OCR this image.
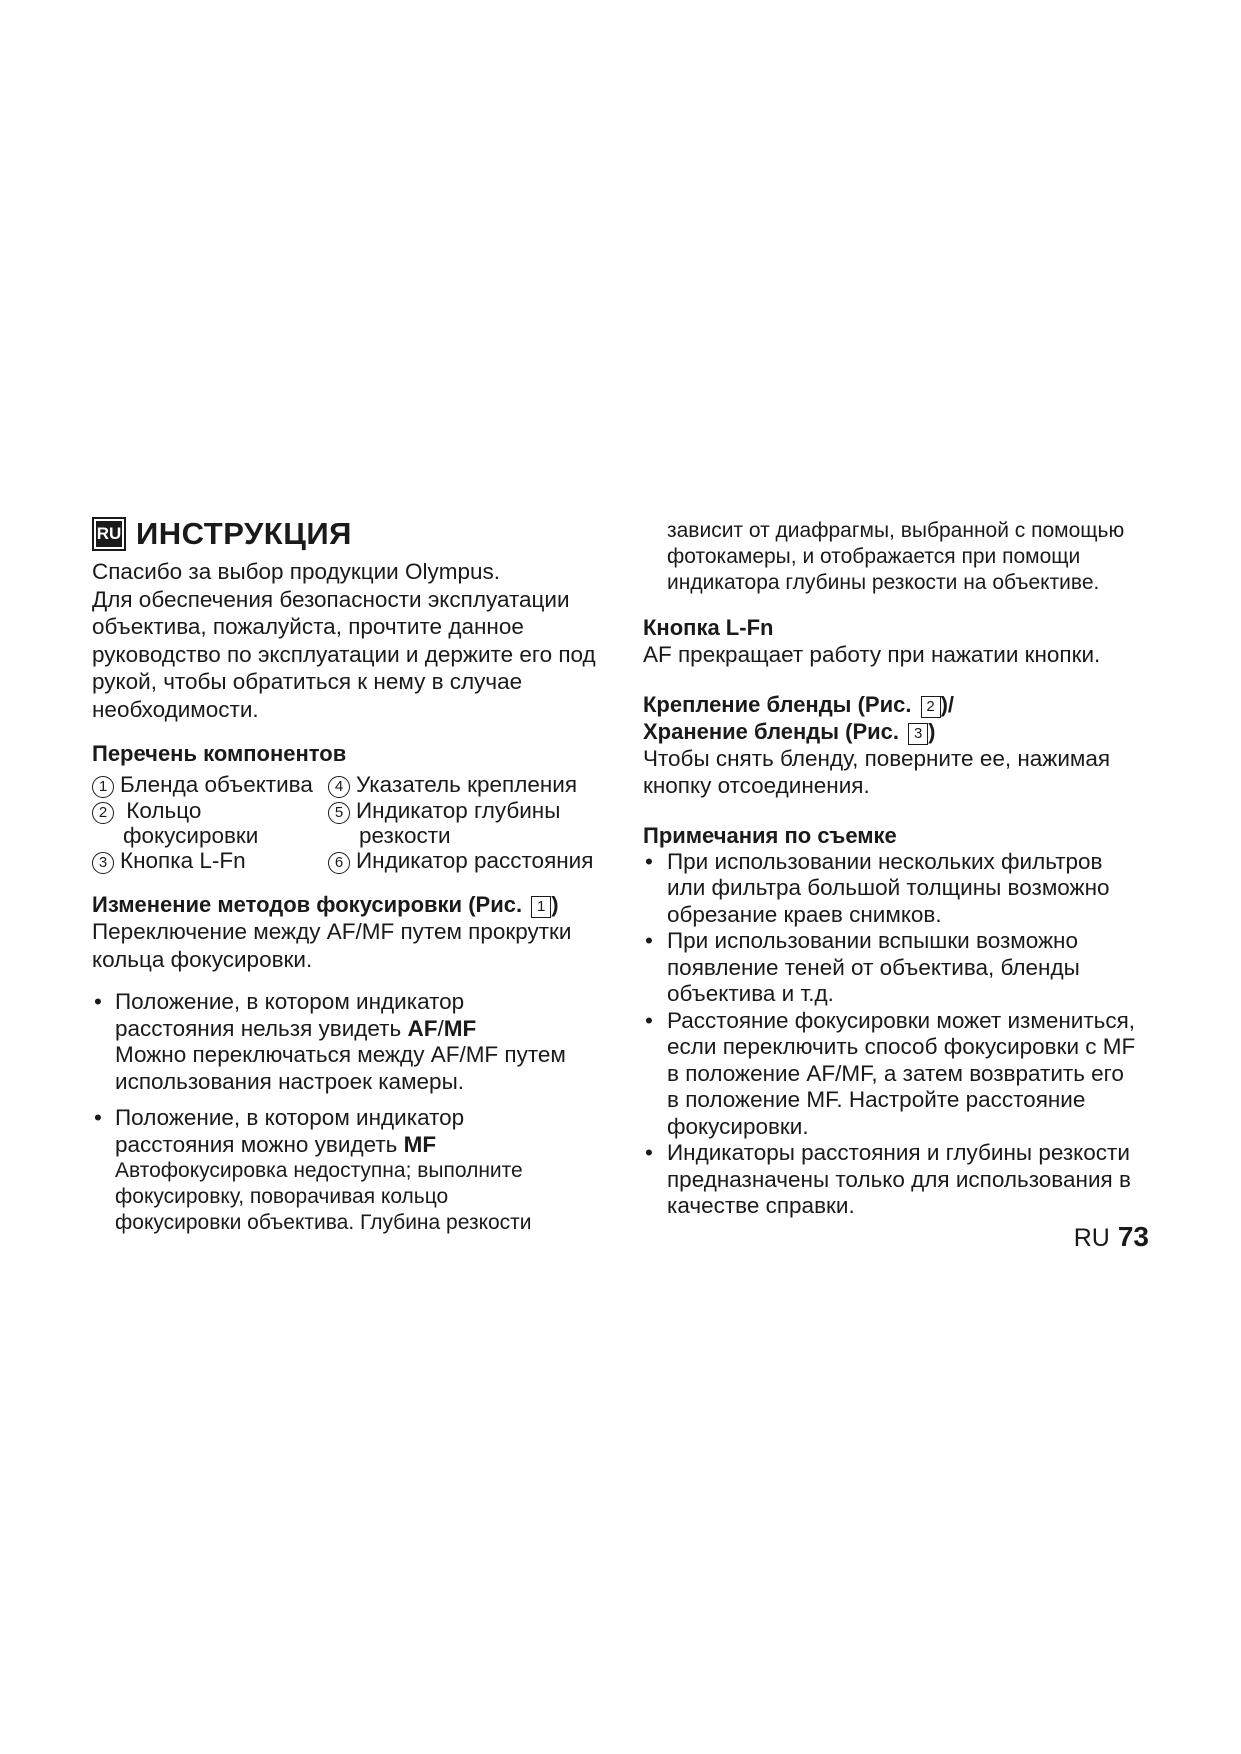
RU ИНСТРУКЦИЯ

Спасибо за выбор продукции Olympus.

Для обеспечения безопасности эксплуатации объектива, пожалуйста, прочтите данное руководство по эксплуатации и держите его под рукой, чтобы обратиться к нему в случае необходимости.

Перечень компонентов

1 Бленда объектива
2 Кольцо
фокусировки
3 Кнопка L-Fn
4 Указатель крепления
5 Индикатор глубины
резкости
6 Индикатор расстояния

Изменение методов фокусировки (Рис. 1 )

Переключение между AF/MF путем прокрутки кольца фокусировки.

• Положение, в котором индикатор
расстояния нельзя увидеть AF/MF

Можно переключаться между AF/MF путем использования настроек камеры.
• Положение, в котором индикатор
расстояния можно увидеть MF

Автофокусировка недоступна; выполните фокусировку, поворачивая кольцо фокусировки объектива. Глубина резкости

зависит от диафрагмы, выбранной с помощью фотокамеры, и отображается при помощи индикатора глубины резкости на объективе.

Кнопка L-Fn

AF прекращает работу при нажатии кнопки.

Крепление бленды (Рис. 2 )/

Хранение бленды (Рис. 3 )

Чтобы снять бленду, поверните ее, нажимая кнопку отсоединения.

Примечания по съемке

• При использовании нескольких фильтров или фильтра большой толщины возможно обрезание краев снимков.
• При использовании вспышки возможно появление теней от объектива, бленды объектива и т.д.
• Расстояние фокусировки может измениться, если переключить способ фокусировки с MF в положение AF/MF, а затем возвратить его в положение MF. Настройте расстояние фокусировки.
• Индикаторы расстояния и глубины резкости предназначены только для использования в качестве справки.
RU 73
